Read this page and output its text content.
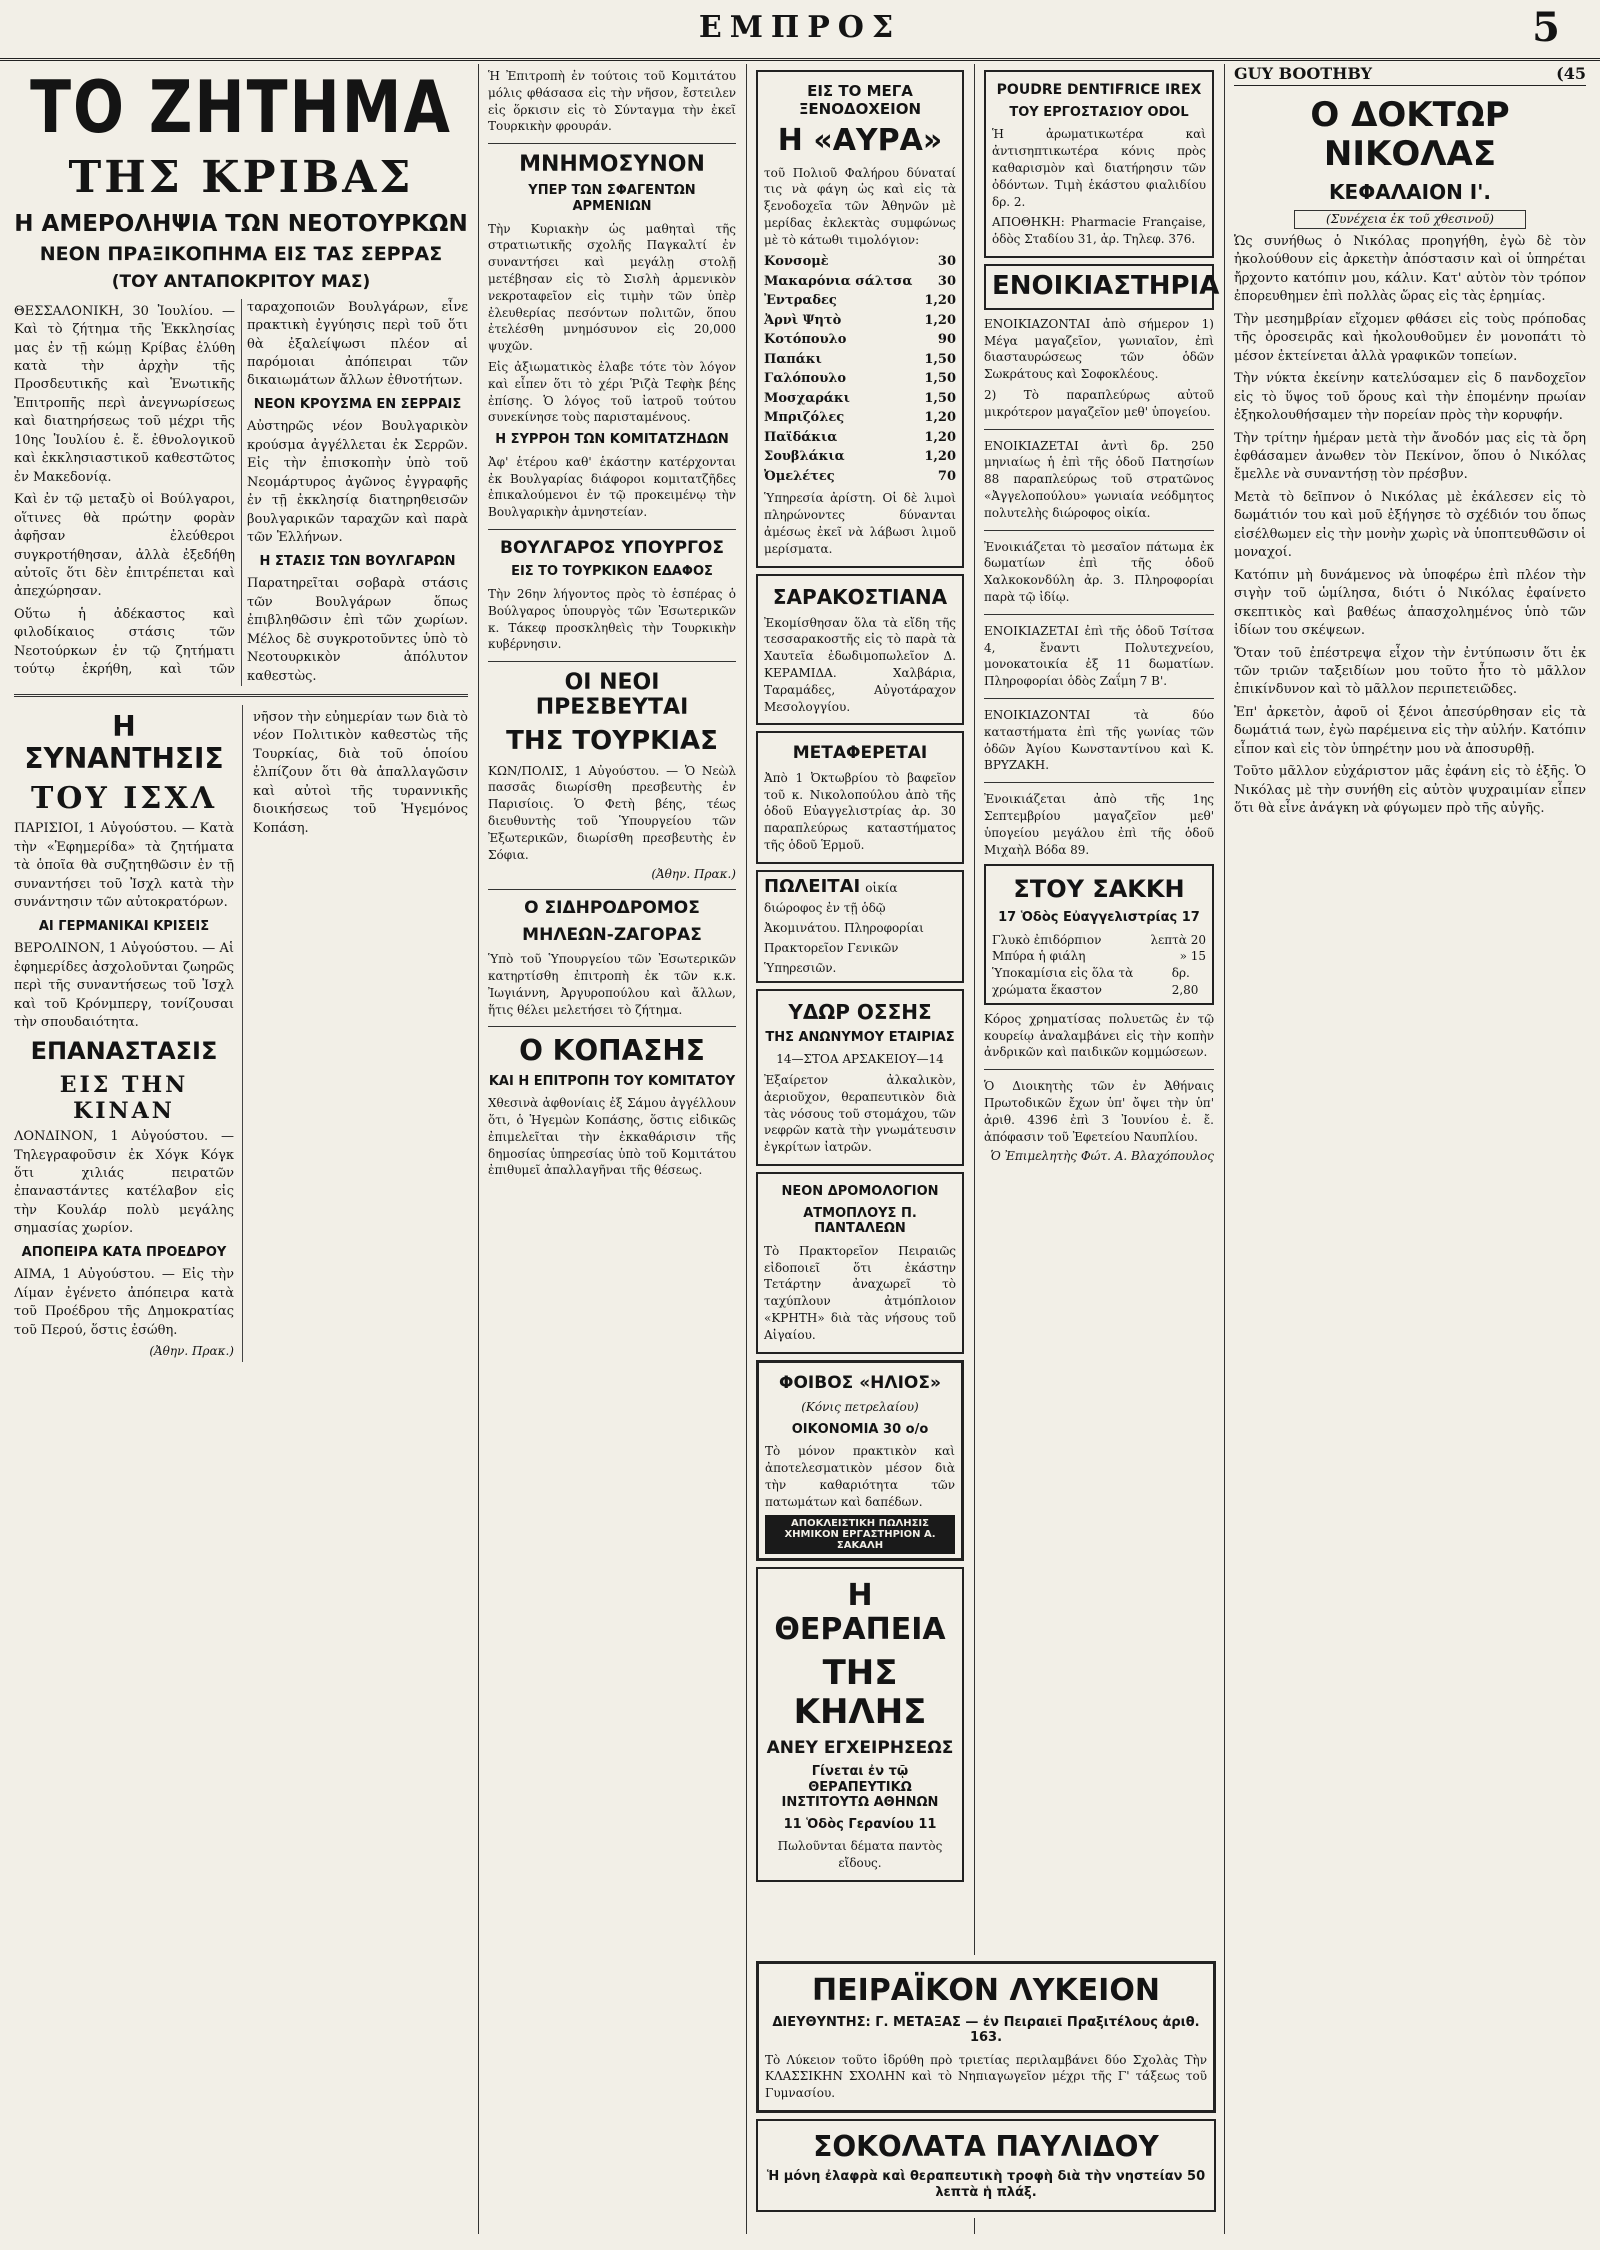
ΕΜΠΡΟΣ	5
ΤΟ ΖΗΤΗΜΑ
ΤΗΣ ΚΡΙΒΑΣ
Η ΑΜΕΡΟΛΗΨΙΑ ΤΩΝ ΝΕΟΤΟΥΡΚΩΝ
ΝΕΟΝ ΠΡΑΞΙΚΟΠΗΜΑ ΕΙΣ ΤΑΣ ΣΕΡΡΑΣ
(ΤΟΥ ΑΝΤΑΠΟΚΡΙΤΟΥ ΜΑΣ)

ΘΕΣΣΑΛΟΝΙΚΗ, 30 Ἰουλίου. — Καὶ τὸ ζήτημα τῆς Ἐκκλησίας μας ἐν τῇ κώμῃ Κρίβας ἐλύθη κατὰ τὴν ἀρχὴν τῆς Προσδευτικῆς καὶ Ἑνωτικῆς Ἐπιτροπῆς περὶ ἀνεγνωρίσεως καὶ διατηρήσεως τοῦ μέχρι τῆς 10ης Ἰουλίου ἐ. ἔ. ἐθνολογικοῦ καὶ ἐκκλησιαστικοῦ καθεστῶτος ἐν Μακεδονίᾳ.

Καὶ ἐν τῷ μεταξὺ οἱ Βούλγαροι, οἵτινες θὰ πρώτην φορὰν ἀφῆσαν ἐλεύθεροι συγκροτήθησαν, ἀλλὰ ἐξεδήθη αὐτοῖς ὅτι δὲν ἐπιτρέπεται καὶ ἀπεχώρησαν.

Οὕτω ἡ ἀδέκαστος καὶ φιλοδίκαιος στάσις τῶν Νεοτούρκων ἐν τῷ ζητήματι τούτῳ ἐκρήθη, καὶ τῶν ταραχοποιῶν Βουλγάρων, εἶνε πρακτικὴ ἐγγύησις περὶ τοῦ ὅτι θὰ ἐξαλείψωσι πλέον αἱ παρόμοιαι ἀπόπειραι τῶν δικαιωμάτων ἄλλων ἐθνοτήτων.

ΝΕΟΝ ΚΡΟΥΣΜΑ ΕΝ ΣΕΡΡΑΙΣ

Αὐστηρῶς νέον Βουλγαρικὸν κρούσμα ἀγγέλλεται ἐκ Σερρῶν. Εἰς τὴν ἐπισκοπὴν ὑπὸ τοῦ Νεομάρτυρος ἀγῶνος ἐγγραφῆς ἐν τῇ ἐκκλησίᾳ διατηρηθεισῶν βουλγαρικῶν ταραχῶν καὶ παρὰ τῶν Ἑλλήνων.

Η ΣΤΑΣΙΣ ΤΩΝ ΒΟΥΛΓΑΡΩΝ

Παρατηρεῖται σοβαρὰ στάσις τῶν Βουλγάρων ὅπως ἐπιβληθῶσιν ἐπὶ τῶν χωρίων. Μέλος δὲ συγκροτοῦντες ὑπὸ τὸ Νεοτουρκικὸν ἀπόλυτον καθεστὼς.

Η ΣΥΝΑΝΤΗΣΙΣ
ΤΟΥ ΙΣΧΛ

ΠΑΡΙΣΙΟΙ, 1 Αὐγούστου. — Κατὰ τὴν «Ἐφημερίδα» τὰ ζητήματα τὰ ὁποῖα θὰ συζητηθῶσιν ἐν τῇ συναντήσει τοῦ Ἰσχλ κατὰ τὴν συνάντησιν τῶν αὐτοκρατόρων.

ΑΙ ΓΕΡΜΑΝΙΚΑΙ ΚΡΙΣΕΙΣ

ΒΕΡΟΛΙΝΟΝ, 1 Αὐγούστου. — Αἱ ἐφημερίδες ἀσχολοῦνται ζωηρῶς περὶ τῆς συναντήσεως τοῦ Ἰσχλ καὶ τοῦ Κρόνμπεργ, τονίζουσαι τὴν σπουδαιότητα.

ΕΠΑΝΑΣΤΑΣΙΣ
ΕΙΣ ΤΗΝ ΚΙΝΑΝ

ΛΟΝΔΙΝΟΝ, 1 Αὐγούστου. — Τηλεγραφοῦσιν ἐκ Χόγκ Κόγκ ὅτι χιλιάς πειρατῶν ἐπαναστάντες κατέλαβον εἰς τὴν Κουλάρ πολὺ μεγάλης σημασίας χωρίον.

ΑΠΟΠΕΙΡΑ ΚΑΤΑ ΠΡΟΕΔΡΟΥ

ΑΙΜΑ, 1 Αὐγούστου. — Εἰς τὴν Λίμαν ἐγένετο ἀπόπειρα κατὰ τοῦ Προέδρου τῆς Δημοκρατίας τοῦ Περού, ὅστις ἐσώθη.

(Ἀθην. Πρακ.)

νῆσον τὴν εὐημερίαν των διὰ τὸ νέον Πολιτικὸν καθεστὼς τῆς Τουρκίας, διὰ τοῦ ὁποίου ἐλπίζουν ὅτι θὰ ἀπαλλαγῶσιν καὶ αὐτοὶ τῆς τυραννικῆς διοικήσεως τοῦ Ἡγεμόνος Κοπάση.

Ἡ Ἐπιτροπὴ ἐν τούτοις τοῦ Κομιτάτου μόλις φθάσασα εἰς τὴν νῆσον, ἔστειλεν εἰς ὅρκισιν εἰς τὸ Σύνταγμα τὴν ἐκεῖ Τουρκικὴν φρουράν.

ΜΝΗΜΟΣΥΝΟΝ
ΥΠΕΡ ΤΩΝ ΣΦΑΓΕΝΤΩΝ ΑΡΜΕΝΙΩΝ

Τὴν Κυριακὴν ὡς μαθηταὶ τῆς στρατιωτικῆς σχολῆς Παγκαλτί ἐν συναντήσει καὶ μεγάλῃ στολῇ μετέβησαν εἰς τὸ Σισλὴ ἀρμενικὸν νεκροταφεῖον εἰς τιμὴν τῶν ὑπὲρ ἐλευθερίας πεσόντων πολιτῶν, ὅπου ἐτελέσθη μνημόσυνον εἰς 20,000 ψυχῶν.

Εἰς ἀξιωματικὸς ἐλαβε τότε τὸν λόγον καὶ εἶπεν ὅτι τὸ χέρι Ῥιζὰ Τεφὴκ βέης ἐπίσης. Ὁ λόγος τοῦ ἰατροῦ τούτου συνεκίνησε τοὺς παρισταμένους.

Η ΣΥΡΡΟΗ ΤΩΝ ΚΟΜΙΤΑΤΖΗΔΩΝ

Ἀφ' ἑτέρου καθ' ἑκάστην κατέρχονται ἐκ Βουλγαρίας διάφοροι κομιτατζῆδες ἐπικαλούμενοι ἐν τῷ προκειμένῳ τὴν Βουλγαρικὴν ἀμνηστείαν.

ΒΟΥΛΓΑΡΟΣ ΥΠΟΥΡΓΟΣ
ΕΙΣ ΤΟ ΤΟΥΡΚΙΚΟΝ ΕΔΑΦΟΣ

Τὴν 26ην λήγοντος πρὸς τὸ ἑσπέρας ὁ Βούλγαρος ὑπουργὸς τῶν Ἐσωτερικῶν κ. Τάκεφ προσκληθεὶς τὴν Τουρκικὴν κυβέρνησιν.

ΟΙ ΝΕΟΙ ΠΡΕΣΒΕΥΤΑΙ
ΤΗΣ ΤΟΥΡΚΙΑΣ

ΚΩΝ/ΠΟΛΙΣ, 1 Αὐγούστου. — Ὁ Νεὼλ πασσᾶς διωρίσθη πρεσβευτὴς ἐν Παρισίοις. Ὁ Φετὴ βέης, τέως διευθυντὴς τοῦ Ὑπουργείου τῶν Ἐξωτερικῶν, διωρίσθη πρεσβευτὴς ἐν Σόφια.

(Ἀθην. Πρακ.)
Ο ΣΙΔΗΡΟΔΡΟΜΟΣ
ΜΗΛΕΩΝ-ΖΑΓΟΡΑΣ

Ὑπὸ τοῦ Ὑπουργείου τῶν Ἐσωτερικῶν κατηρτίσθη ἐπιτροπὴ ἐκ τῶν κ.κ. Ἰωγιάννη, Ἀργυροπούλου καὶ ἄλλων, ἥτις θέλει μελετήσει τὸ ζήτημα.

Ο ΚΟΠΑΣΗΣ
ΚΑΙ Η ΕΠΙΤΡΟΠΗ ΤΟΥ ΚΟΜΙΤΑΤΟΥ

Χθεσινὰ ἀφθονίαις ἐξ Σάμου ἀγγέλλουν ὅτι, ὁ Ἡγεμὼν Κοπάσης, ὅστις εἰδικῶς ἐπιμελεῖται τὴν ἐκκαθάρισιν τῆς δημοσίας ὑπηρεσίας ὑπὸ τοῦ Κομιτάτου ἐπιθυμεῖ ἀπαλλαγῆναι τῆς θέσεως.

ΕΙΣ ΤΟ ΜΕΓΑ ΞΕΝΟΔΟΧΕΙΟΝ
Η «ΑΥΡΑ»

τοῦ Πολιοῦ Φαλήρου δύναταί τις νὰ φάγη ὡς καὶ εἰς τὰ ξενοδοχεῖα τῶν Ἀθηνῶν μὲ μερίδας ἐκλεκτὰς συμφώνως μὲ τὸ κάτωθι τιμολόγιον:

Κονσομὲ	30
Μακαρόνια σάλτσα 30
Ἐντραδες	1,20
Ἀρνὶ Ψητὸ	1,20
Κοτόπουλο	90
Παπάκι	1,50
Γαλόπουλο	1,50
Μοσχαράκι	1,50
Μπριζόλες	1,20
Παϊδάκια	1,20
Σουβλάκια	1,20
Ὀμελέτες	70

Ὑπηρεσία ἀρίστη. Οἱ δὲ λιμοὶ πληρώνοντες δύνανται ἀμέσως ἐκεῖ νὰ λάβωσι λιμοῦ μερίσματα.

ΣΑΡΑΚΟΣΤΙΑΝΑ

Ἐκομίσθησαν ὅλα τὰ εἴδη τῆς τεσσαρακοστῆς εἰς τὸ παρὰ τὰ Χαυτεῖα ἐδωδιμοπωλεῖον Δ. ΚΕΡΑΜΙΔΑ. Χαλβάρια, Ταραμάδες, Αὐγοτάραχον Μεσολογγίου.

ΜΕΤΑΦΕΡΕΤΑΙ

Ἀπὸ 1 Ὀκτωβρίου τὸ βαφεῖον τοῦ κ. Νικολοπούλου ἀπὸ τῆς ὁδοῦ Εὐαγγελιστρίας ἀρ. 30 παραπλεύρως καταστήματος τῆς ὁδοῦ Ἑρμοῦ.

ΠΩΛΕΙΤΑΙ οἰκία διώροφος ἐν τῇ ὁδῷ Ἀκομινάτου. Πληροφορίαι Πρακτορεῖον Γενικῶν Ὑπηρεσιῶν.
ΥΔΩΡ ΟΣΣΗΣ
ΤΗΣ ΑΝΩΝΥΜΟΥ ΕΤΑΙΡΙΑΣ
14—ΣΤΟΑ ΑΡΣΑΚΕΙΟΥ—14

Ἐξαίρετον ἀλκαλικὸν, ἀεριοῦχον, θεραπευτικὸν διὰ τὰς νόσους τοῦ στομάχου, τῶν νεφρῶν κατὰ τὴν γνωμάτευσιν ἐγκρίτων ἰατρῶν.

ΝΕΟΝ ΔΡΟΜΟΛΟΓΙΟΝ
ΑΤΜΟΠΛΟΥΣ Π. ΠΑΝΤΑΛΕΩΝ

Τὸ Πρακτορεῖον Πειραιῶς εἰδοποιεῖ ὅτι ἐκάστην Τετάρτην ἀναχωρεῖ τὸ ταχύπλουν ἀτμόπλοιον «ΚΡΗΤΗ» διὰ τὰς νήσους τοῦ Αἰγαίου.

ΦΟΙΒΟΣ «ΗΛΙΟΣ»
(Κόνις πετρελαίου)
ΟΙΚΟΝΟΜΙΑ 30 ο/ο

Τὸ μόνον πρακτικὸν καὶ ἀποτελεσματικὸν μέσον διὰ τὴν καθαριότητα τῶν πατωμάτων καὶ δαπέδων.

ΑΠΟΚΛΕΙΣΤΙΚΗ ΠΩΛΗΣΙΣ ΧΗΜΙΚΟΝ ΕΡΓΑΣΤΗΡΙΟΝ Α. ΣΑΚΑΛΗ
Η ΘΕΡΑΠΕΙΑ
ΤΗΣ ΚΗΛΗΣ
ΑΝΕΥ ΕΓΧΕΙΡΗΣΕΩΣ
Γίνεται ἐν τῷ ΘΕΡΑΠΕΥΤΙΚΩ ΙΝΣΤΙΤΟΥΤΩ ΑΘΗΝΩΝ
11 Ὁδὸς Γερανίου 11
Πωλοῦνται δέματα παντὸς εἴδους.
POUDRE DENTIFRICE IREX
ΤΟΥ ΕΡΓΟΣΤΑΣΙΟΥ ODOL

Ἡ ἀρωματικωτέρα καὶ ἀντισηπτικωτέρα κόνις πρὸς καθαρισμὸν καὶ διατήρησιν τῶν ὀδόντων. Τιμὴ ἑκάστου φιαλιδίου δρ. 2.

ΑΠΟΘΗΚΗ: Pharmacie Française, ὁδὸς Σταδίου 31, ἀρ. Τηλεφ. 376.

ΕΝΟΙΚΙΑΣΤΗΡΙΑ

ΕΝΟΙΚΙΑΖΟΝΤΑΙ ἀπὸ σήμερον 1) Μέγα μαγαζεῖον, γωνιαῖον, ἐπὶ διασταυρώσεως τῶν ὁδῶν Σωκράτους καὶ Σοφοκλέους.

2) Τὸ παραπλεύρως αὐτοῦ μικρότερον μαγαζεῖον μεθ' ὑπογείου.

ΕΝΟΙΚΙΑΖΕΤΑΙ ἀντὶ δρ. 250 μηνιαίως ἡ ἐπὶ τῆς ὁδοῦ Πατησίων 88 παραπλεύρως τοῦ στρατῶνος «Ἀγγελοπούλου» γωνιαία νεόδμητος πολυτελὴς διώροφος οἰκία.

Ἐνοικιάζεται τὸ μεσαῖον πάτωμα ἐκ δωματίων ἐπὶ τῆς ὁδοῦ Χαλκοκονδύλη ἀρ. 3. Πληροφορίαι παρὰ τῷ ἰδίῳ.

ΕΝΟΙΚΙΑΖΕΤΑΙ ἐπὶ τῆς ὁδοῦ Τσίτσα 4, ἔναντι Πολυτεχνείου, μονοκατοικία ἐξ 11 δωματίων. Πληροφορίαι ὁδὸς Ζαΐμη 7 Β'.

ΕΝΟΙΚΙΑΖΟΝΤΑΙ τὰ δύο καταστήματα ἐπὶ τῆς γωνίας τῶν ὁδῶν Ἀγίου Κωνσταντίνου καὶ Κ. ΒΡΥΖΑΚΗ.

Ἐνοικιάζεται ἀπὸ τῆς 1ης Σεπτεμβρίου μαγαζεῖον μεθ' ὑπογείου μεγάλου ἐπὶ τῆς ὁδοῦ Μιχαὴλ Βόδα 89.

ΣΤΟΥ ΣΑΚΚΗ
17 Ὁδὸς Εὐαγγελιστρίας 17
Γλυκὸ ἐπιδόρπιον	λεπτὰ 20
Μπύρα ἡ φιάλη	» 15
Ὑποκαμίσια εἰς ὅλα τὰ χρώματα ἕκαστον
δρ. 2,80

Κόρος χρηματίσας πολυετῶς ἐν τῷ κουρείῳ ἀναλαμβάνει εἰς τὴν κοπὴν ἀνδρικῶν καὶ παιδικῶν κομμώσεων.

Ὁ Διοικητὴς τῶν ἐν Ἀθήναις Πρωτοδικῶν ἔχων ὑπ' ὄψει τὴν ὑπ' ἀριθ. 4396 ἐπὶ 3 Ἰουνίου ἐ. ἔ. ἀπόφασιν τοῦ Ἐφετείου Ναυπλίου.

Ὁ Ἐπιμελητὴς Φώτ. Α. Βλαχόπουλος
GUY BOOTHBY	(45
Ο ΔΟΚΤΩΡ ΝΙΚΟΛΑΣ
ΚΕΦΑΛΑΙΟΝ Ι'.
(Συνέχεια ἐκ τοῦ χθεσινοῦ)

Ὡς συνήθως ὁ Νικόλας προηγήθη, ἐγὼ δὲ τὸν ἠκολούθουν εἰς ἀρκετὴν ἀπόστασιν καὶ οἱ ὑπηρέται ἤρχοντο κατόπιν μου, κάλιν. Κατ' αὐτὸν τὸν τρόπον ἐπορευθημεν ἐπὶ πολλὰς ὥρας εἰς τὰς ἐρημίας.

Τὴν μεσημβρίαν εἴχομεν φθάσει εἰς τοὺς πρόποδας τῆς ὀροσειρᾶς καὶ ἠκολουθοῦμεν ἐν μονοπάτι τὸ μέσον ἐκτείνεται ἀλλὰ γραφικῶν τοπείων.

Τὴν νύκτα ἐκείνην κατελύσαμεν εἰς δ πανδοχεῖον εἰς τὸ ὕψος τοῦ ὅρους καὶ τὴν ἐπομένην πρωίαν ἐξηκολουθήσαμεν τὴν πορείαν πρὸς τὴν κορυφήν.

Τὴν τρίτην ἡμέραν μετὰ τὴν ἄνοδόν μας εἰς τὰ ὄρη ἐφθάσαμεν ἀνωθεν τὸν Πεκίνον, ὅπου ὁ Νικόλας ἔμελλε νὰ συναντήσῃ τὸν πρέσβυν.

Μετὰ τὸ δεῖπνον ὁ Νικόλας μὲ ἐκάλεσεν εἰς τὸ δωμάτιόν του καὶ μοῦ ἐξήγησε τὸ σχέδιόν του ὅπως εἰσέλθωμεν εἰς τὴν μονὴν χωρὶς νὰ ὑποπτευθῶσιν οἱ μοναχοί.

Κατόπιν μὴ δυνάμενος νὰ ὑποφέρω ἐπὶ πλέον τὴν σιγὴν τοῦ ὡμίλησα, διότι ὁ Νικόλας ἐφαίνετο σκεπτικὸς καὶ βαθέως ἀπασχολημένος ὑπὸ τῶν ἰδίων του σκέψεων.

Ὅταν τοῦ ἐπέστρεψα εἶχον τὴν ἐντύπωσιν ὅτι ἐκ τῶν τριῶν ταξειδίων μου τοῦτο ἦτο τὸ μᾶλλον ἐπικίνδυνον καὶ τὸ μᾶλλον περιπετειῶδες.

Ἐπ' ἀρκετὸν, ἀφοῦ οἱ ξένοι ἀπεσύρθησαν εἰς τὰ δωμάτιά των, ἐγὼ παρέμεινα εἰς τὴν αὐλήν. Κατόπιν εἶπον καὶ εἰς τὸν ὑπηρέτην μου νὰ ἀποσυρθῇ.

Τοῦτο μᾶλλον εὐχάριστον μᾶς ἐφάνη εἰς τὸ ἑξῆς. Ὁ Νικόλας μὲ τὴν συνήθη εἰς αὐτὸν ψυχραιμίαν εἶπεν ὅτι θὰ εἶνε ἀνάγκη νὰ φύγωμεν πρὸ τῆς αὐγῆς.

ΠΕΙΡΑΪΚΟΝ ΛΥΚΕΙΟΝ
ΔΙΕΥΘΥΝΤΗΣ: Γ. ΜΕΤΑΞΑΣ — ἐν Πειραιεῖ Πραξιτέλους ἀριθ. 163.

Τὸ Λύκειον τοῦτο ἱδρύθη πρὸ τριετίας περιλαμβάνει δύο Σχολὰς Τὴν ΚΛΑΣΣΙΚΗΝ ΣΧΟΛΗΝ καὶ τὸ Νηπιαγωγεῖον μέχρι τῆς Γ' τάξεως τοῦ Γυμνασίου.

ΣΟΚΟΛΑΤΑ ΠΑΥΛΙΔΟΥ
Ἡ μόνη ἐλαφρὰ καὶ θεραπευτικὴ τροφὴ διὰ τὴν νηστείαν 50 λεπτὰ ἡ πλάξ.
